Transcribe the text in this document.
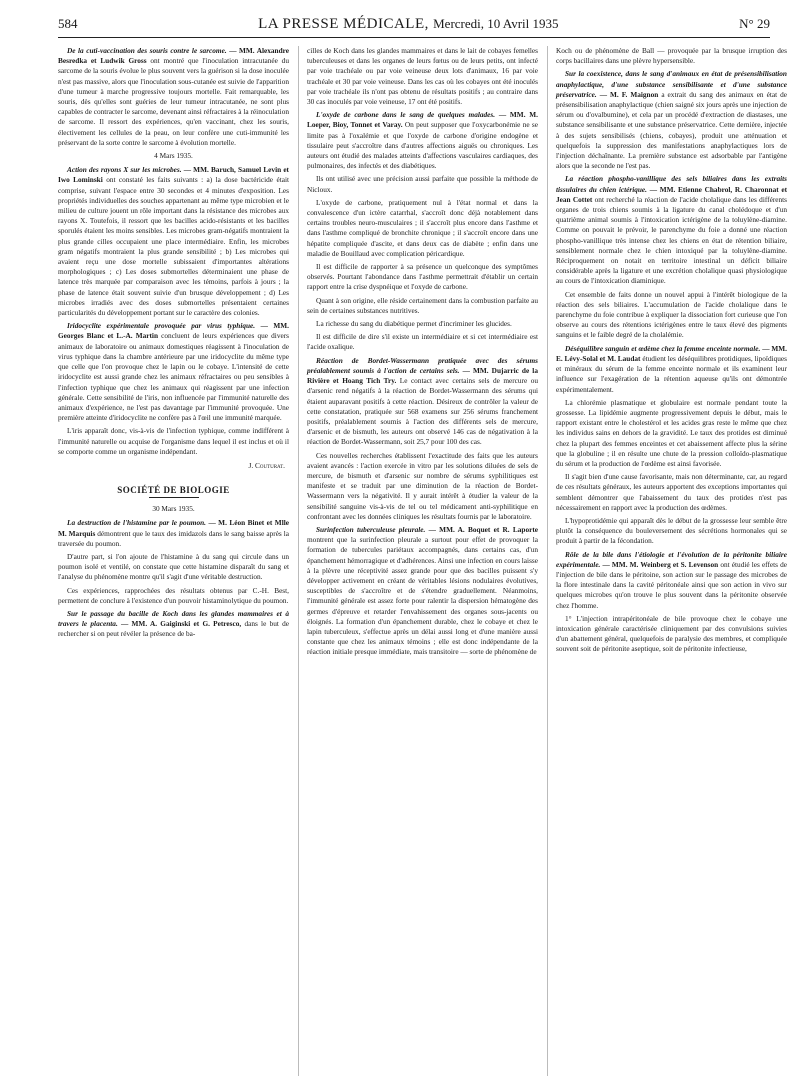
584	LA PRESSE MÉDICALE, Mercredi, 10 Avril 1935	N° 29

De la cuti-vaccination des souris contre le sarcome. — MM. Alexandre Besredka et Ludwik Gross ont montré que l'inoculation intracutanée du sarcome de la souris évolue le plus souvent vers la guérison si la dose inoculée n'est pas massive, alors que l'inoculation sous-cutanée est suivie de l'apparition d'une tumeur à marche progressive toujours mortelle. Fait remarquable, les souris, dès qu'elles sont guéries de leur tumeur intracutanée, ne sont plus capables de contracter le sarcome, devenant ainsi réfractaires à la réinoculation de sarcome. Il ressort des expériences, qu'en vaccinant, chez les souris, électivement les cellules de la peau, on leur confère une cuti-immunité les préservant de la sorte contre le sarcome à évolution mortelle.

4 Mars 1935.

Action des rayons X sur les microbes. — MM. Baruch, Samuel Levin et Iwo Lominski ont constaté les faits suivants : a) la dose bactéricide était comprise, suivant l'espace entre 30 secondes et 4 minutes d'exposition. Les propriétés individuelles des souches appartenant au même type microbien et le milieu de culture jouent un rôle important dans la résistance des microbes aux rayons X. Toutefois, il ressort que les bacilles acido-résistants et les bacilles sporulés étaient les moins sensibles. Les microbes gram-négatifs montraient la plus grande cilles occupaient une place intermédiaire. Enfin, les microbes gram négatifs montraient la plus grande sensibilité ; b) Les microbes qui avaient reçu une dose mortelle subissaient d'importantes altérations morphologiques ; c) Les doses submortelles déterminaient une phase de latence très marquée par comparaison avec les témoins, parfois à jours ; la phase de latence était souvent suivie d'un brusque développement ; d) Les microbes irradiés avec des doses submortelles présentaient certaines particularités du développement portant sur le caractère des colonies.

Iridocyclite expérimentale provoquée par virus typhique. — MM. Georges Blanc et L.-A. Martin concluent de leurs expériences que divers animaux de laboratoire ou animaux domestiques réagissent à l'inoculation de virus typhique dans la chambre antérieure par une iridocyclite du même type que celle que l'on provoque chez le lapin ou le cobaye. L'intensité de cette iridocyclite est aussi grande chez les animaux réfractaires ou peu sensibles à l'infection typhique que chez les animaux qui réagissent par une infection générale. Cette sensibilité de l'iris, non influencée par l'immunité naturelle des animaux d'expérience, ne l'est pas davantage par l'immunité provoquée. Une première atteinte d'iridocyclite ne confère pas à l'œil une immunité marquée.

L'iris apparaît donc, vis-à-vis de l'infection typhique, comme indifférent à l'immunité naturelle ou acquise de l'organisme dans lequel il est inclus et où il se comporte comme un organisme indépendant.

J. Couturat.

SOCIÉTÉ DE BIOLOGIE

30 Mars 1935.

La destruction de l'histamine par le poumon. — M. Léon Binet et Mlle M. Marquis démontrent que le taux des imidazols dans le sang baisse après la traversée du poumon.

D'autre part, si l'on ajoute de l'histamine à du sang qui circule dans un poumon isolé et ventilé, on constate que cette histamine disparaît du sang et l'analyse du phénomène montre qu'il s'agit d'une véritable destruction.

Ces expériences, rapprochées des résultats obtenus par C.-H. Best, permettent de conclure à l'existence d'un pouvoir histaminolytique du poumon.

Sur le passage du bacille de Koch dans les glandes mammaires et à travers le placenta. — MM. A. Gaiginski et G. Petresco, dans le but de rechercher si on peut révéler la présence de ba-

cilles de Koch dans les glandes mammaires et dans le lait de cobayes femelles tuberculeuses et dans les organes de leurs fœtus ou de leurs petits, ont infecté par voie trachéale ou par voie veineuse deux lots d'animaux, 16 par voie trachéale et 30 par voie veineuse. Dans les cas où les cobayes ont été inoculés par voie trachéale ils n'ont pas obtenu de résultats positifs ; au contraire dans 30 cas inoculés par voie veineuse, 17 ont été positifs.

L'oxyde de carbone dans le sang de quelques malades. — MM. M. Loeper, Bioy, Tonnet et Varay. On peut supposer que l'oxycarbonémie ne se limite pas à l'oxalémie et que l'oxyde de carbone d'origine endogène et tissulaire peut s'accroître dans d'autres affections aiguës ou chroniques. Les auteurs ont étudié des malades atteints d'affections vasculaires cardiaques, des pulmonaires, des infectés et des diabétiques.

Ils ont utilisé avec une précision aussi parfaite que possible la méthode de Nicloux.

L'oxyde de carbone, pratiquement nul à l'état normal et dans la convalescence d'un ictère catarrhal, s'accroît donc déjà notablement dans certains troubles neuro-musculaires ; il s'accroît plus encore dans l'asthme et dans l'asthme compliqué de bronchite chronique ; il s'accroît encore dans une hépatite compliquée d'ascite, et dans deux cas de diabète ; enfin dans une maladie de Bouillaud avec complication péricardique.

Il est difficile de rapporter à sa présence un quelconque des symptômes observés. Pourtant l'abondance dans l'asthme permettrait d'établir un certain rapport entre la crise dyspnéique et l'oxyde de carbone.

Quant à son origine, elle réside certainement dans la combustion parfaite au sein de certaines substances nutritives.

La richesse du sang du diabétique permet d'incriminer les glucides.

Il est difficile de dire s'il existe un intermédiaire et si cet intermédiaire est l'acide oxalique.

Réaction de Bordet-Wassermann pratiquée avec des sérums préalablement soumis à l'action de certains sels. — MM. Dujarric de la Rivière et Hoang Tich Try. Le contact avec certains sels de mercure ou d'arsenic rend négatifs à la réaction de Bordet-Wassermann des sérums qui étaient auparavant positifs à cette réaction. Désireux de contrôler la valeur de cette constatation, pratiquée sur 568 examens sur 256 sérums franchement positifs, préalablement soumis à l'action des différents sels de mercure, d'arsenic et de bismuth, les auteurs ont observé 146 cas de négativation à la réaction de Bordet-Wassermann, soit 25,7 pour 100 des cas.

Ces nouvelles recherches établissent l'exactitude des faits que les auteurs avaient avancés : l'action exercée in vitro par les solutions diluées de sels de mercure, de bismuth et d'arsenic sur nombre de sérums syphilitiques est manifeste et se traduit par une diminution de la réaction de Bordet-Wassermann vers la négativité. Il y aurait intérêt à étudier la valeur de la sensibilité sanguine vis-à-vis de tel ou tel médicament anti-syphilitique en confrontant avec les données cliniques les résultats fournis par le laboratoire.

Surinfection tuberculeuse pleurale. — MM. A. Boquet et R. Laporte montrent que la surinfection pleurale a surtout pour effet de provoquer la formation de tubercules pariétaux accompagnés, dans certains cas, d'un épanchement hémorragique et d'adhérences. Ainsi une infection en cours laisse à la plèvre une réceptivité assez grande pour que des bacilles puissent s'y développer activement en créant de véritables lésions nodulaires évolutives, susceptibles de s'accroître et de s'étendre graduellement. Néanmoins, l'immunité générale est assez forte pour ralentir la dispersion hématogène des germes d'épreuve et retarder l'envahissement des organes sous-jacents ou éloignés. La formation d'un épanchement durable, chez le cobaye et chez le lapin tuberculeux, s'effectue après un délai aussi long et d'une manière aussi constante que chez les animaux témoins ; elle est donc indépendante de la réaction initiale presque immédiate, mais transitoire — sorte de phénomène de

Koch ou de phénomène de Ball — provoquée par la brusque irruption des corps bacillaires dans une plèvre hypersensible.

Sur la coexistence, dans le sang d'animaux en état de présensibilisation anaphylactique, d'une substance sensibilisante et d'une substance préservatrice. — M. F. Maignon a extrait du sang des animaux en état de présensibilisation anaphylactique (chien saigné six jours après une injection de sérum ou d'ovalbumine), et cela par un procédé d'extraction de diastases, une substance sensibilisante et une substance préservatrice. Cette dernière, injectée à des sujets sensibilisés (chiens, cobayes), produit une atténuation et quelquefois la suppression des manifestations anaphylactiques lors de l'injection déchaînante. La première substance est adsorbable par l'antigène alors que la seconde ne l'est pas.

La réaction phospho-vanillique des sels biliaires dans les extraits tissulaires du chien ictérique. — MM. Etienne Chabrol, R. Charonnat et Jean Cottet ont recherché la réaction de l'acide cholalique dans les différents organes de trois chiens soumis à la ligature du canal cholédoque et d'un quatrième animal soumis à l'intoxication ictérigène de la toluylène-diamine. Comme on pouvait le prévoir, le parenchyme du foie a donné une réaction phospho-vanillique très intense chez les chiens en état de rétention biliaire, sensiblement normale chez le chien intoxiqué par la toluylène-diamine. Réciproquement on notait en territoire intestinal un déficit biliaire considérable après la ligature et une excrétion cholalique quasi physiologique au cours de l'intoxication diaminique.

Cet ensemble de faits donne un nouvel appui à l'intérêt biologique de la réaction des sels biliaires. L'accumulation de l'acide cholalique dans le parenchyme du foie contribue à expliquer la dissociation fort curieuse que l'on observe au cours des rétentions ictérigènes entre le taux élevé des pigments sanguins et le faible degré de la cholalémie.

Déséquilibre sanguin et œdème chez la femme enceinte normale. — MM. E. Lévy-Solal et M. Laudat étudient les déséquilibres protidiques, lipoïdiques et minéraux du sérum de la femme enceinte normale et ils examinent leur influence sur l'exagération de la rétention aqueuse qu'ils ont démontrée expérimentalement.

La chlorémie plasmatique et globulaire est normale pendant toute la grossesse. La lipidémie augmente progressivement depuis le début, mais le rapport existant entre le cholestérol et les acides gras reste le même que chez les individus sains en dehors de la gravidité. Le taux des protides est diminué chez la plupart des femmes enceintes et cet abaissement affecte plus la sérine que la globuline ; il en résulte une chute de la pression colloïdo-plasmatique du sérum et la production de l'œdème est ainsi favorisée.

Il s'agit bien d'une cause favorisante, mais non déterminante, car, au regard de ces résultats généraux, les auteurs apportent des exceptions importantes qui semblent démontrer que l'abaissement du taux des protides n'est pas nécessairement en rapport avec la production des œdèmes.

L'hypoprotidémie qui apparaît dès le début de la grossesse leur semble être plutôt la conséquence du bouleversement des sécrétions hormonales qui se produit à partir de la fécondation.

Rôle de la bile dans l'étiologie et l'évolution de la péritonite biliaire expérimentale. — MM. M. Weinberg et S. Levenson ont étudié les effets de l'injection de bile dans le péritoine, son action sur le passage des microbes de la flore intestinale dans la cavité péritonéale ainsi que son action in vivo sur quelques microbes qu'on trouve le plus souvent dans la péritonite observée chez l'homme.

1° L'injection intrapéritonéale de bile provoque chez le cobaye une intoxication générale caractérisée cliniquement par des convulsions suivies d'un abattement général, quelquefois de paralysie des membres, et compliquée souvent soit de péritonite aseptique, soit de péritonite infectieuse,
